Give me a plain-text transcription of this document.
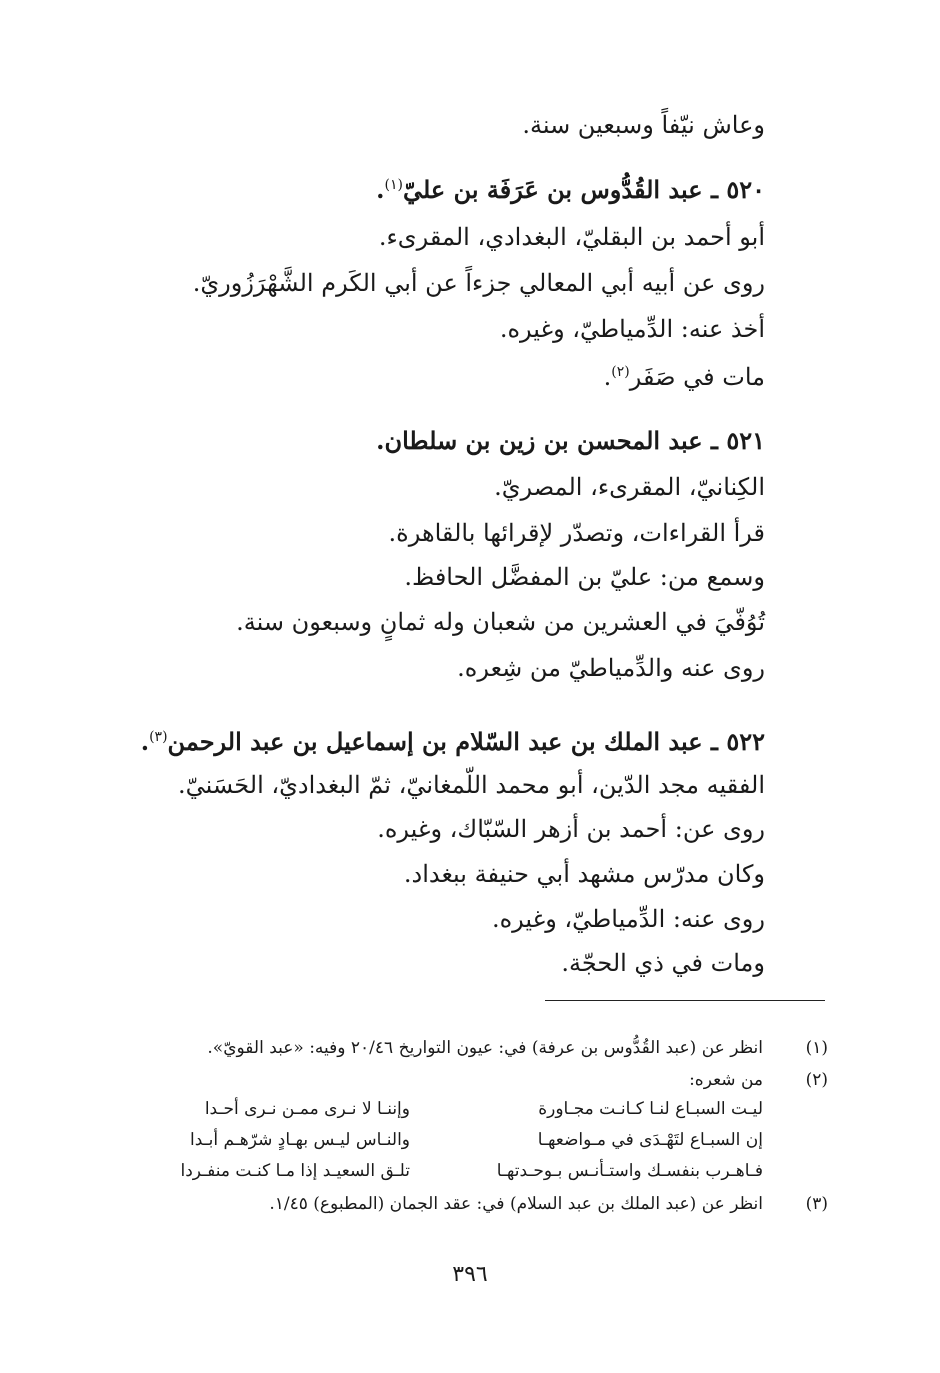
وعاش نيّفاً وسبعين سنة.
٥٢٠ ـ عبد القُدُّوس بن عَرَفَة بن عليّ$^{(١)}$.
أبو أحمد بن البقليّ، البغدادي، المقرىء.
روى عن أبيه أبي المعالي جزءاً عن أبي الكَرم الشَّهْرَزُوريّ.
أخذ عنه: الدِّمياطيّ، وغيره.
مات في صَفَر$^{(٢)}$.
٥٢١ ـ عبد المحسن بن زين بن سلطان.
الكِنانيّ، المقرىء، المصريّ.
قرأ القراءات، وتصدّر لإقرائها بالقاهرة.
وسمع من: عليّ بن المفضَّل الحافظ.
تُوُفّيَ في العشرين من شعبان وله ثمانٍ وسبعون سنة.
روى عنه والدِّمياطيّ من شِعره.
٥٢٢ ـ عبد الملك بن عبد السّلام بن إسماعيل بن عبد الرحمن$^{(٣)}$.
الفقيه مجد الدّين، أبو محمد اللّمغانيّ، ثمّ البغداديّ، الحَسَنيّ.
روى عن: أحمد بن أزهر السّبّاك، وغيره.
وكان مدرّس مشهد أبي حنيفة ببغداد.
روى عنه: الدِّمياطيّ، وغيره.
ومات في ذي الحجّة.
(١)
انظر عن (عبد القُدُّوس بن عرفة) في: عيون التواريخ ٢٠/٤٦ وفيه: «عبد القويّ».
(٢)
من شعره:
ليـت السبـاع لنـا كـانـت مجـاورة
وإننـا لا نـرى ممـن نـرى أحـدا
إن السبـاع لتَهْـدَى في مـواضعهـا
والنـاس ليـس بهـادٍ شرّهـم أبـدا
فـاهـرب بنفسـك واستـأنـس بـوحـدتهـا
تلـق السعيـد إذا مـا كنـت منفـردا
(٣)
انظر عن (عبد الملك بن عبد السلام) في: عقد الجمان (المطبوع) ١/٤٥.
٣٩٦
